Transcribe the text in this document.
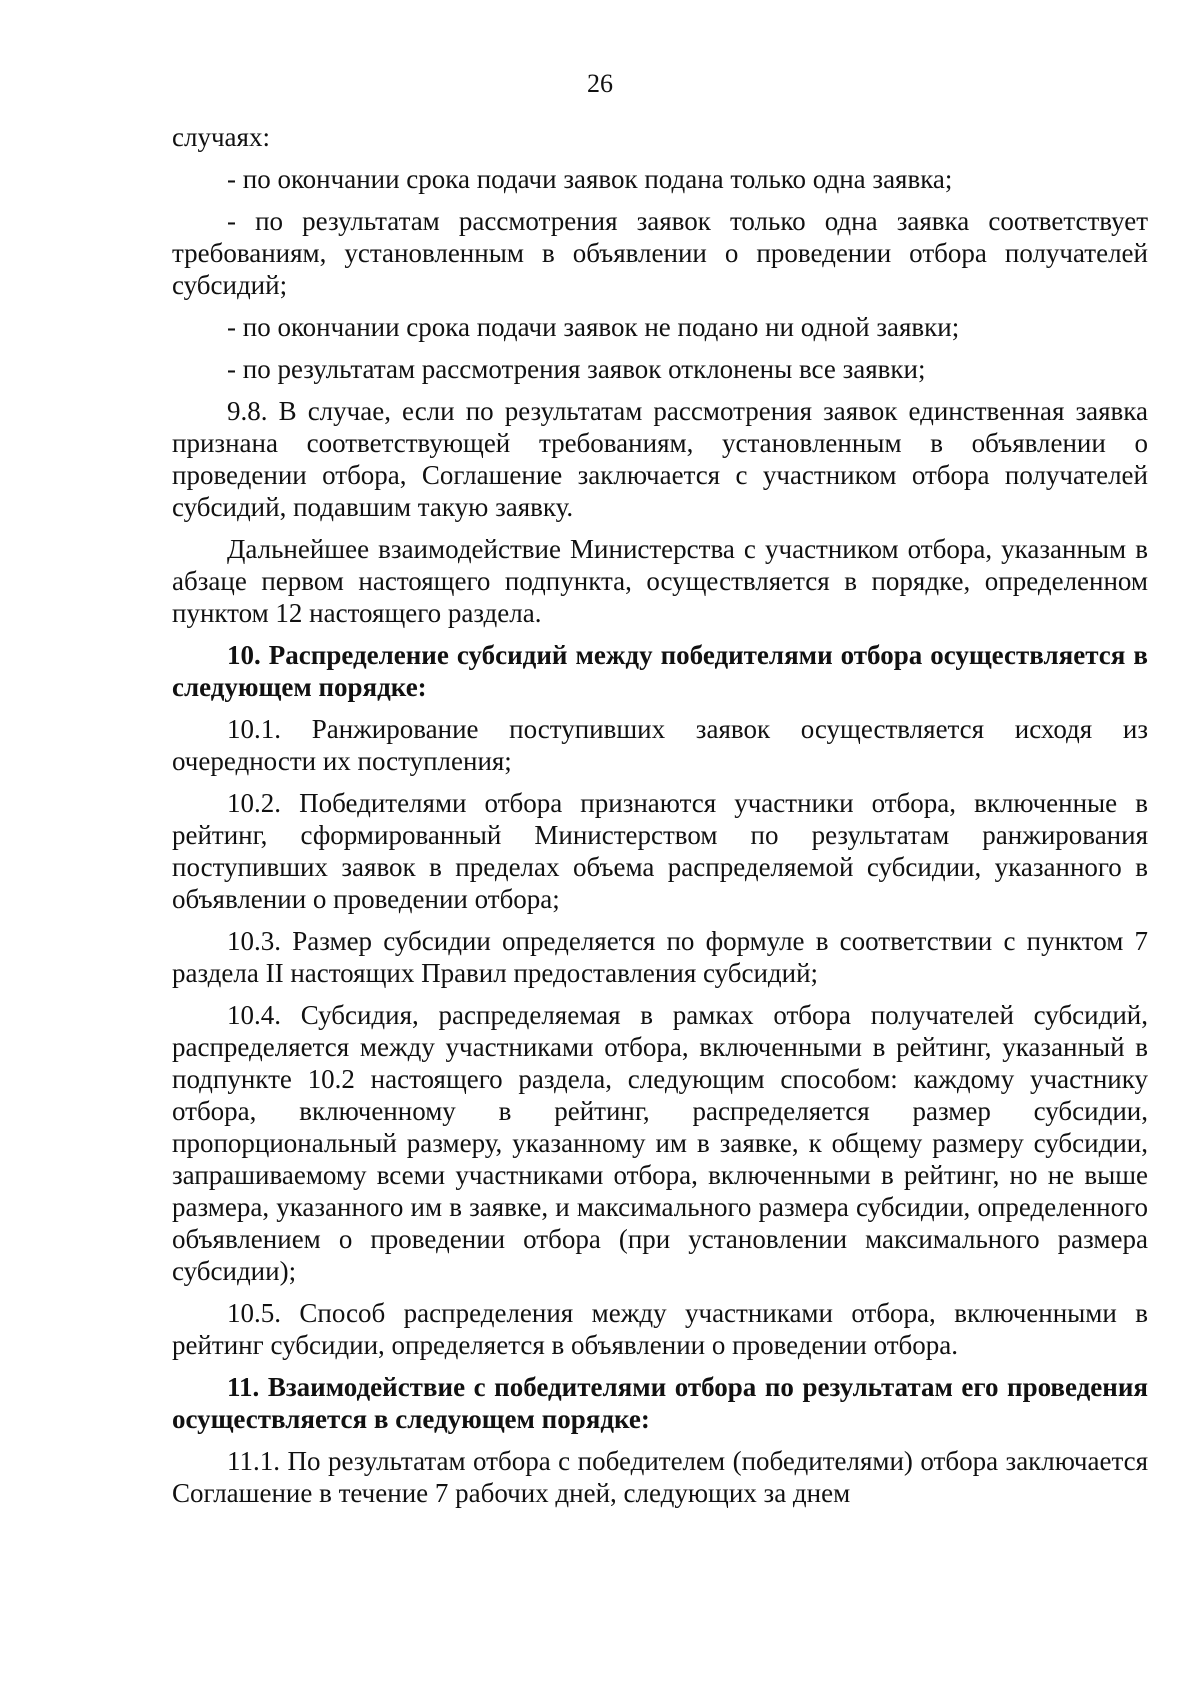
26

случаях:

- по окончании срока подачи заявок подана только одна заявка;

- по результатам рассмотрения заявок только одна заявка соответствует требованиям, установленным в объявлении о проведении отбора получателей субсидий;

- по окончании срока подачи заявок не подано ни одной заявки;

- по результатам рассмотрения заявок отклонены все заявки;

9.8. В случае, если по результатам рассмотрения заявок единственная заявка признана соответствующей требованиям, установленным в объявлении о проведении отбора, Соглашение заключается с участником отбора получателей субсидий, подавшим такую заявку.

Дальнейшее взаимодействие Министерства с участником отбора, указанным в абзаце первом настоящего подпункта, осуществляется в порядке, определенном пунктом 12 настоящего раздела.

10. Распределение субсидий между победителями отбора осуществляется в следующем порядке:

10.1. Ранжирование поступивших заявок осуществляется исходя из очередности их поступления;

10.2. Победителями отбора признаются участники отбора, включенные в рейтинг, сформированный Министерством по результатам ранжирования поступивших заявок в пределах объема распределяемой субсидии, указанного в объявлении о проведении отбора;

10.3. Размер субсидии определяется по формуле в соответствии с пунктом 7 раздела II настоящих Правил предоставления субсидий;

10.4. Субсидия, распределяемая в рамках отбора получателей субсидий, распределяется между участниками отбора, включенными в рейтинг, указанный в подпункте 10.2 настоящего раздела, следующим способом: каждому участнику отбора, включенному в рейтинг, распределяется размер субсидии, пропорциональный размеру, указанному им в заявке, к общему размеру субсидии, запрашиваемому всеми участниками отбора, включенными в рейтинг, но не выше размера, указанного им в заявке, и максимального размера субсидии, определенного объявлением о проведении отбора (при установлении максимального размера субсидии);

10.5. Способ распределения между участниками отбора, включенными в рейтинг субсидии, определяется в объявлении о проведении отбора.

11. Взаимодействие с победителями отбора по результатам его проведения осуществляется в следующем порядке:

11.1. По результатам отбора с победителем (победителями) отбора заключается Соглашение в течение 7 рабочих дней, следующих за днем
